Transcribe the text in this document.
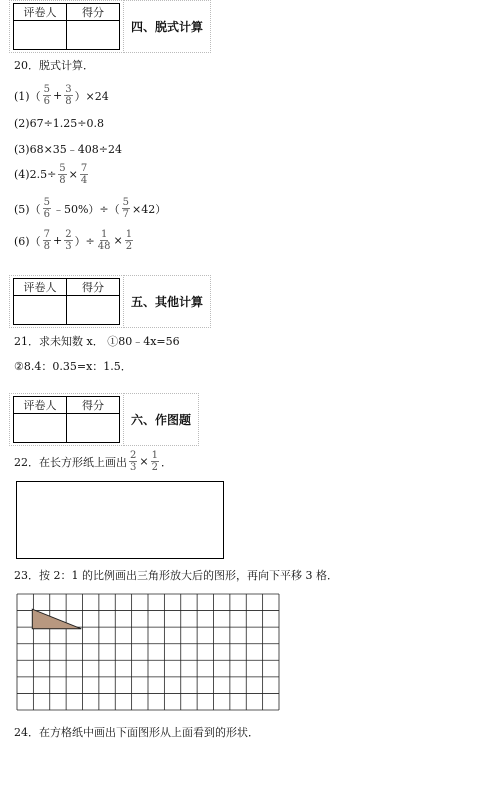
评卷人	得分

四、脱式计算
20．脱式计算．
$(1)( \frac{5}{6} + \frac{3}{8} )\times 24$
(2)67÷1.25÷0.8
(3)68×35﹣408÷24
$(4)2.5\div \frac{5}{8} \times \frac{7}{4}$
$(5)( \frac{5}{6}$ ﹣50%）÷（ $\frac{5}{7} \times 42$）
$(6)( \frac{7}{8} + \frac{2}{3}$ ）÷ $\frac{1}{48} \times \frac{1}{2}$
评卷人	得分

五、其他计算
21．求未知数 x． ①80﹣4x=56
②8.4：0.35=x：1.5．
评卷人	得分

六、作图题
22．在长方形纸上画出 $\frac{2}{3} \times \frac{1}{2}$ ．
23．按 2：1 的比例画出三角形放大后的图形，再向下平移 3 格．
24．在方格纸中画出下面图形从上面看到的形状．
